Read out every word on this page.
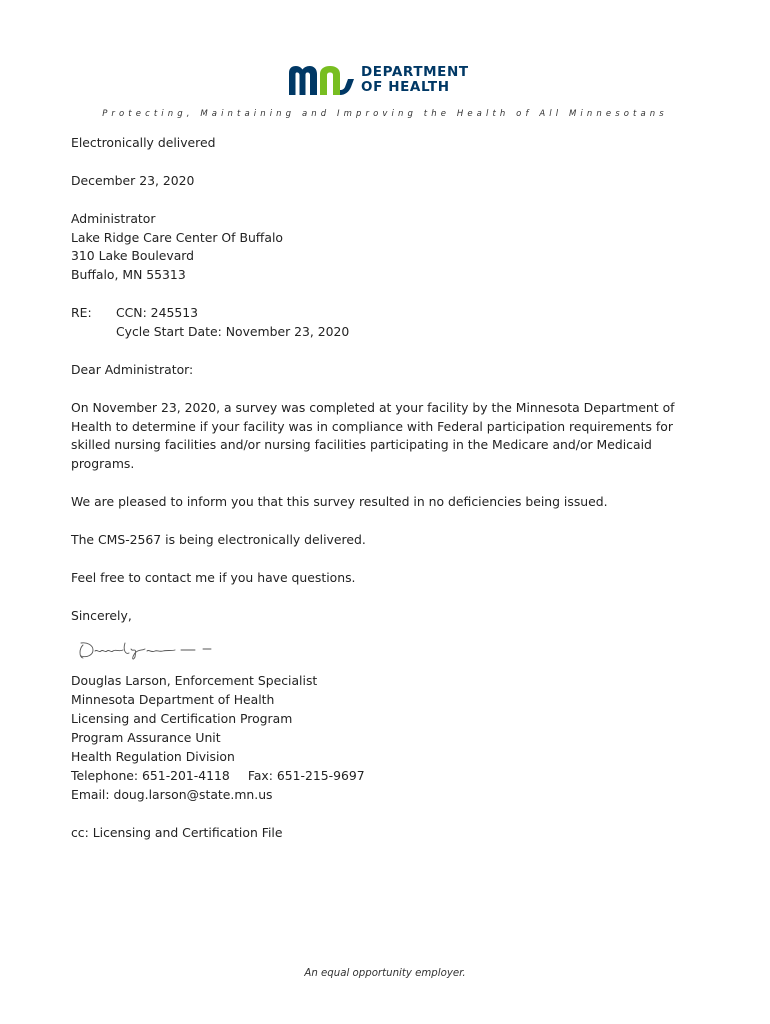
DEPARTMENT
OF HEALTH
Protecting, Maintaining and Improving the Health of All Minnesotans
Electronically delivered
December 23, 2020
Administrator
Lake Ridge Care Center Of Buffalo
310 Lake Boulevard
Buffalo, MN 55313
RE: CCN: 245513
Cycle Start Date: November 23, 2020
Dear Administrator:
On November 23, 2020, a survey was completed at your facility by the Minnesota Department of
Health to determine if your facility was in compliance with Federal participation requirements for
skilled nursing facilities and/or nursing facilities participating in the Medicare and/or Medicaid
programs.
We are pleased to inform you that this survey resulted in no deficiencies being issued.
The CMS-2567 is being electronically delivered.
Feel free to contact me if you have questions.
Sincerely,
Douglas Larson, Enforcement Specialist
Minnesota Department of Health
Licensing and Certification Program
Program Assurance Unit
Health Regulation Division
Telephone: 651-201-4118 Fax: 651-215-9697
Email: doug.larson@state.mn.us
cc: Licensing and Certification File
An equal opportunity employer.
